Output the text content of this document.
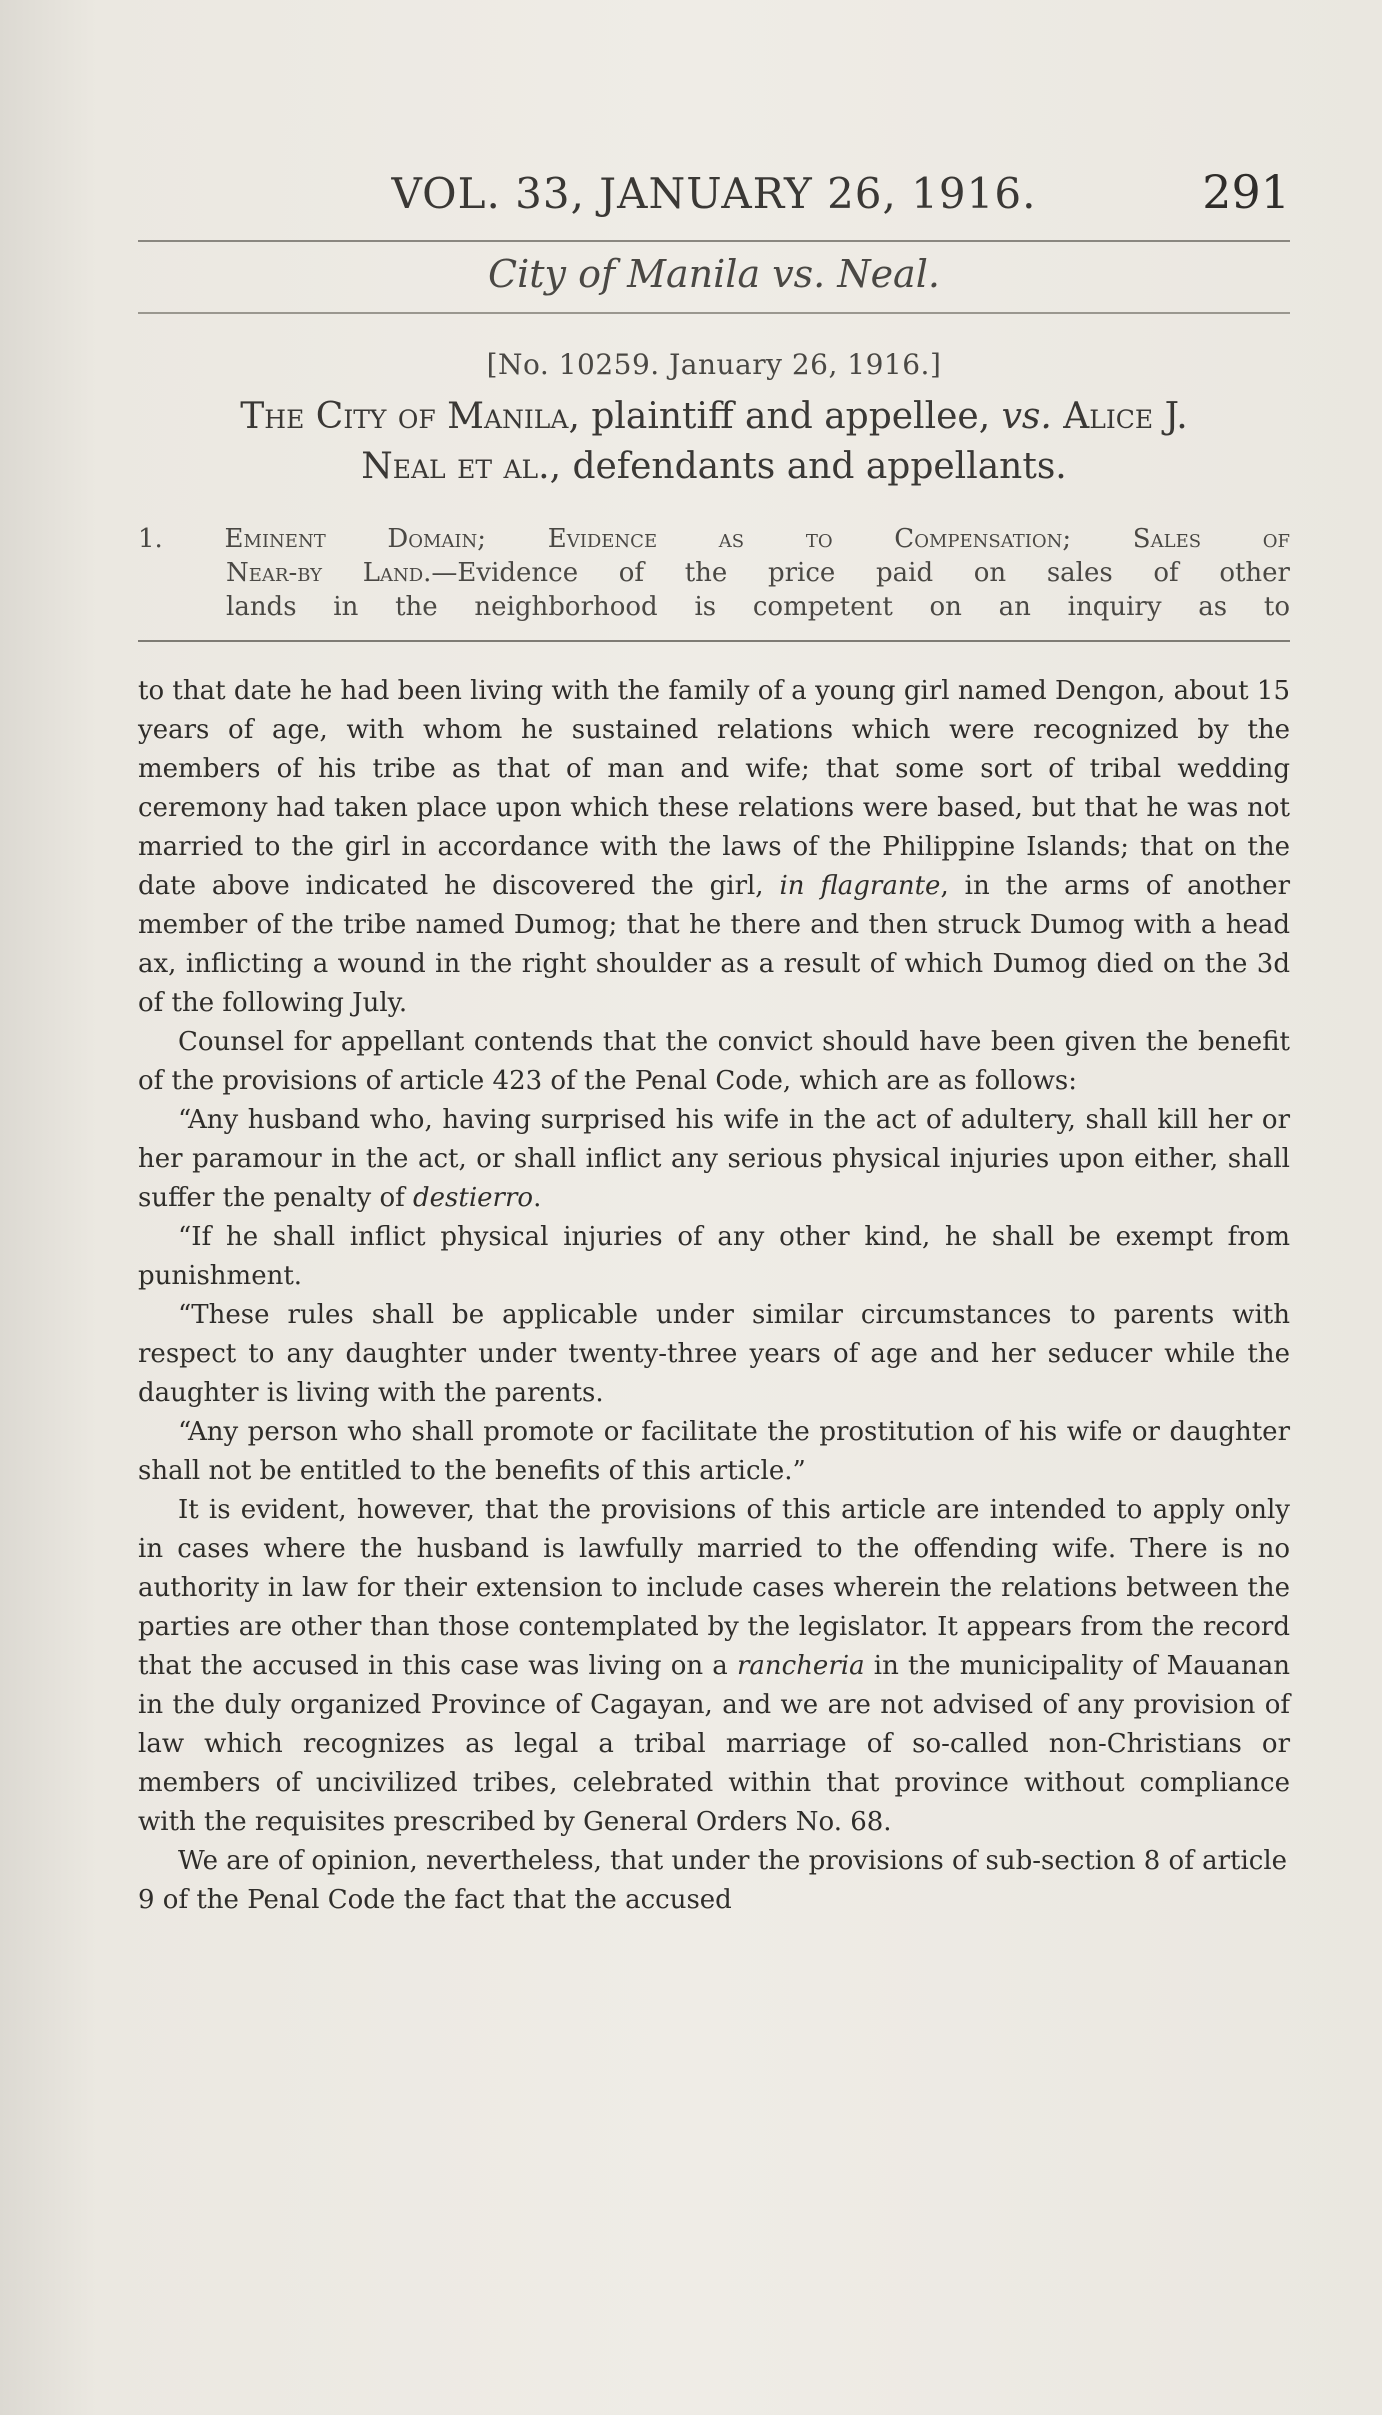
VOL. 33, JANUARY 26, 1916.	291
City of Manila vs. Neal.
[No. 10259. January 26, 1916.]
The City of Manila, plaintiff and appellee, vs. Alice J.
Neal et al., defendants and appellants.
1. Eminent Domain; Evidence as to Compensation; Sales of
Near-by Land.—Evidence of the price paid on sales of other
lands in the neighborhood is competent on an inquiry as to

to that date he had been living with the family of a young girl named Dengon, about 15 years of age, with whom he sustained relations which were recognized by the members of his tribe as that of man and wife; that some sort of tribal wedding ceremony had taken place upon which these relations were based, but that he was not married to the girl in accordance with the laws of the Philippine Islands; that on the date above indicated he discovered the girl, in flagrante, in the arms of another member of the tribe named Dumog; that he there and then struck Dumog with a head ax, inflicting a wound in the right shoulder as a result of which Dumog died on the 3d of the following July.

Counsel for appellant contends that the convict should have been given the benefit of the provisions of article 423 of the Penal Code, which are as follows:

“Any husband who, having surprised his wife in the act of adultery, shall kill her or her paramour in the act, or shall inflict any serious physical injuries upon either, shall suffer the penalty of destierro.

“If he shall inflict physical injuries of any other kind, he shall be exempt from punishment.

“These rules shall be applicable under similar circumstances to parents with respect to any daughter under twenty-three years of age and her seducer while the daughter is living with the parents.

“Any person who shall promote or facilitate the prostitution of his wife or daughter shall not be entitled to the benefits of this article.”

It is evident, however, that the provisions of this article are intended to apply only in cases where the husband is lawfully married to the offending wife. There is no authority in law for their extension to include cases wherein the relations between the parties are other than those contemplated by the legislator. It appears from the record that the accused in this case was living on a rancheria in the municipality of Mauanan in the duly organized Province of Cagayan, and we are not advised of any provision of law which recognizes as legal a tribal marriage of so-called non-Christians or members of uncivilized tribes, celebrated within that province without compliance with the requisites prescribed by General Orders No. 68.

We are of opinion, nevertheless, that under the provisions of sub-section 8 of article 9 of the Penal Code the fact that the accused
